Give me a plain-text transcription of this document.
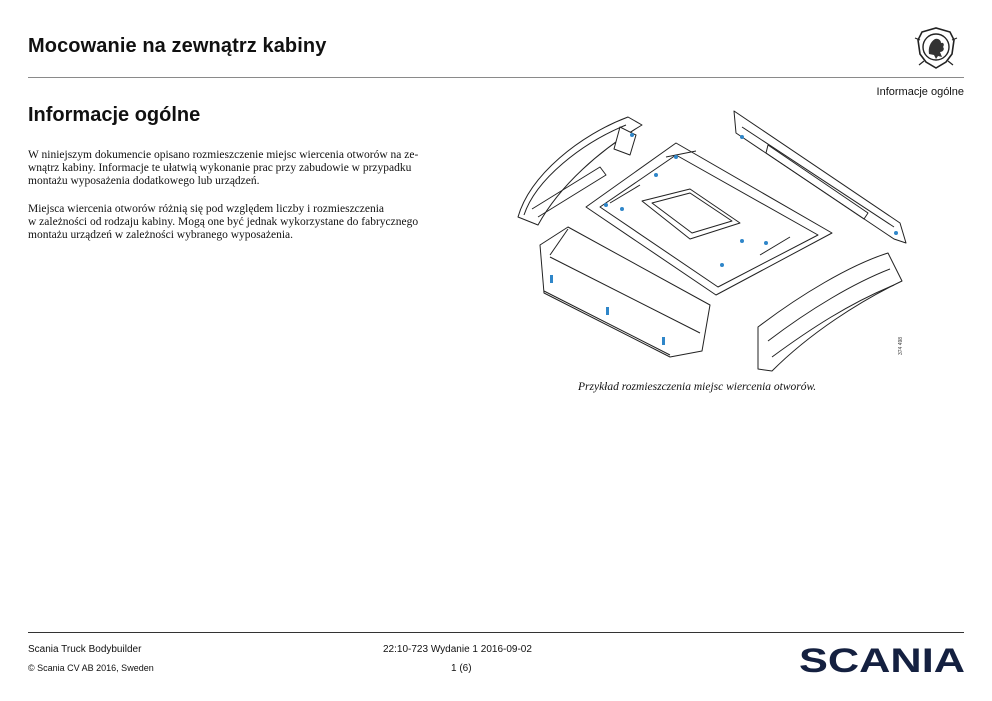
Mocowanie na zewnątrz kabiny
Informacje ogólne
Informacje ogólne
W niniejszym dokumencie opisano rozmieszczenie miejsc wiercenia otworów na ze-
wnątrz kabiny. Informacje te ułatwią wykonanie prac przy zabudowie w przypadku
montażu wyposażenia dodatkowego lub urządzeń.
Miejsca wiercenia otworów różnią się pod względem liczby i rozmieszczenia
w zależności od rodzaju kabiny. Mogą one być jednak wykorzystane do fabrycznego
montażu urządzeń w zależności wybranego wyposażenia.
374 498
Przykład rozmieszczenia miejsc wiercenia otworów.
Scania Truck Bodybuilder
© Scania CV AB 2016, Sweden
22:10-723 Wydanie 1 2016-09-02
1 (6)	SCANIA
